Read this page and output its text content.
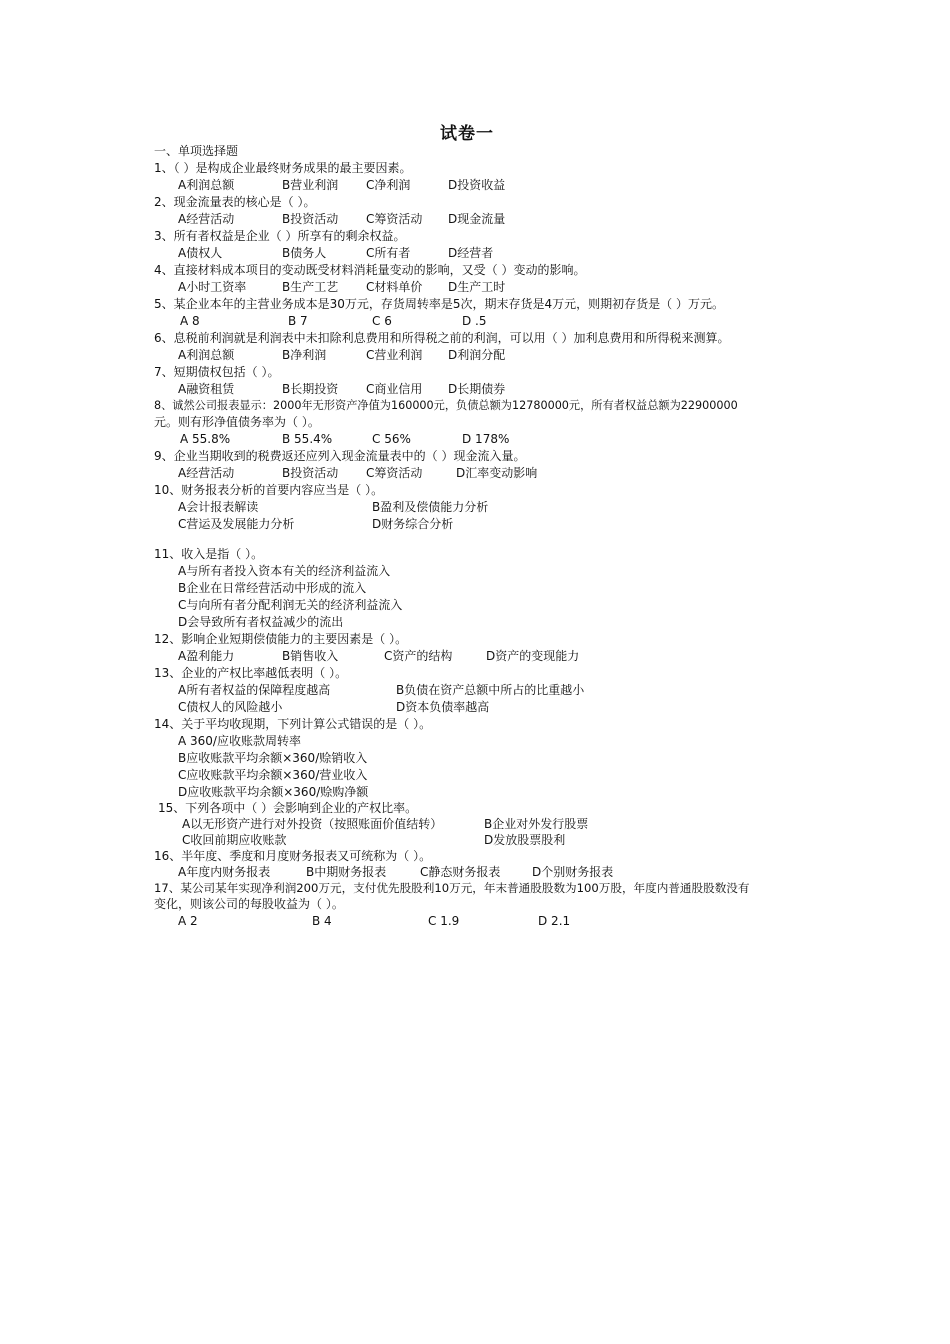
试卷一
一、单项选择题
1、（ ）是构成企业最终财务成果的最主要因素。
A利润总额	B营业利润 C净利润	D投资收益
2、现金流量表的核心是（ ）。
A经营活动	B投资活动 C筹资活动 D现金流量
3、所有者权益是企业（ ）所享有的剩余权益。
A债权人	B债务人	C所有者	D经营者
4、直接材料成本项目的变动既受材料消耗量变动的影响，又受（ ）变动的影响。
A小时工资率	B生产工艺 C材料单价 D生产工时
5、某企业本年的主营业务成本是30万元，存货周转率是5次，期末存货是4万元，则期初存货是（ ）万元。
A 8	B 7	C 6	D .5
6、息税前利润就是利润表中未扣除利息费用和所得税之前的利润，可以用（ ）加利息费用和所得税来测算。
A利润总额	B净利润	C营业利润 D利润分配
7、短期债权包括（ ）。
A融资租赁	B长期投资 C商业信用 D长期债券
8、诚然公司报表显示：2000年无形资产净值为160000元，负债总额为12780000元，所有者权益总额为22900000
元。则有形净值债务率为（ ）。
A 55.8%	B 55.4%	C 56%	D 178%
9、企业当期收到的税费返还应列入现金流量表中的（ ）现金流入量。
A经营活动	B投资活动 C筹资活动	D汇率变动影响
10、财务报表分析的首要内容应当是（ ）。
A会计报表解读	B盈利及偿债能力分析
C营运及发展能力分析	D财务综合分析
11、收入是指（ ）。
A与所有者投入资本有关的经济利益流入
B企业在日常经营活动中形成的流入
C与向所有者分配利润无关的经济利益流入
D会导致所有者权益减少的流出
12、影响企业短期偿债能力的主要因素是（ ）。
A盈利能力	B销售收入	C资产的结构	D资产的变现能力
13、企业的产权比率越低表明（ ）。
A所有者权益的保障程度越高	B负债在资产总额中所占的比重越小
C债权人的风险越小	D资本负债率越高
14、关于平均收现期，下列计算公式错误的是（ ）。
A 360/应收账款周转率
B应收账款平均余额×360/赊销收入
C应收账款平均余额×360/营业收入
D应收账款平均余额×360/赊购净额
15、下列各项中（ ）会影响到企业的产权比率。
A以无形资产进行对外投资（按照账面价值结转）	B企业对外发行股票
C收回前期应收账款	D发放股票股利
16、半年度、季度和月度财务报表又可统称为（ ）。
A年度内财务报表	B中期财务报表	C静态财务报表	D个别财务报表
17、某公司某年实现净利润200万元，支付优先股股利10万元，年末普通股股数为100万股，年度内普通股股数没有
变化，则该公司的每股收益为（ ）。
A 2	B 4	C 1.9	D 2.1
